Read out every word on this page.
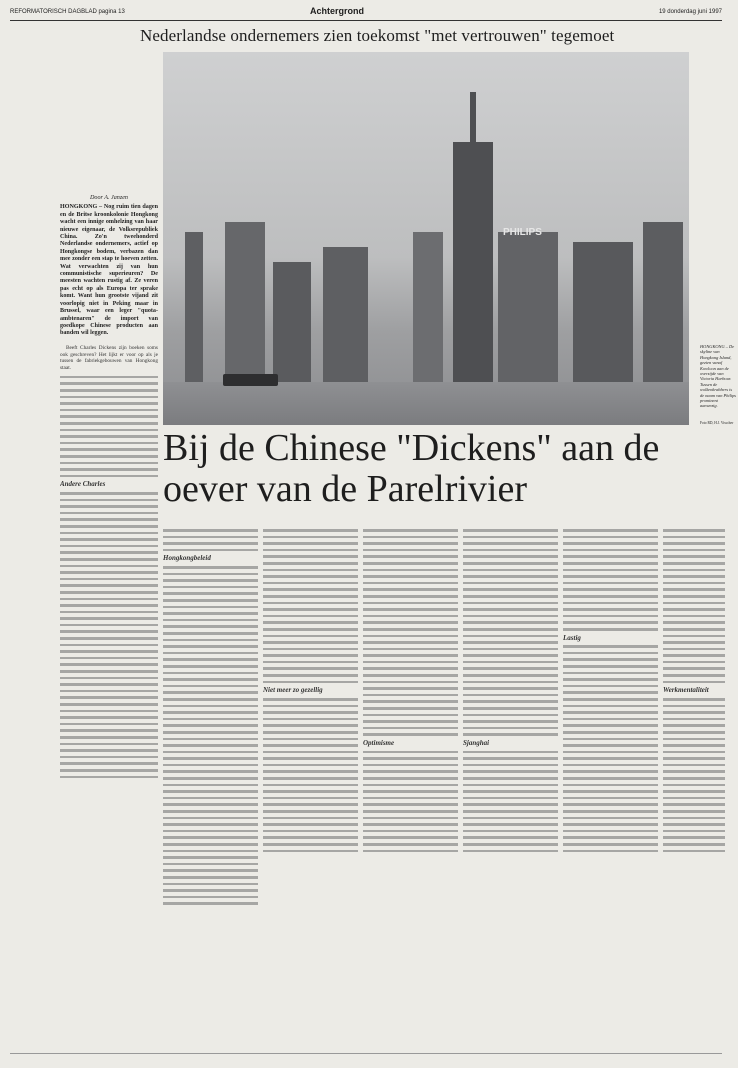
REFORMATORISCH DAGBLAD pagina 13	Achtergrond	19 donderdag juni 1997
Nederlandse ondernemers zien toekomst "met vertrouwen" tegemoet
PHILIPS
HONGKONG – De skyline van Hongkong Island, gezien vanaf Kowloon aan de overzijde van Victoria Harbour. Tussen de wolkenkrabbers is de naam van Philips prominent aanwezig.
Foto RD, H.J. Visscher
Bij de Chinese "Dickens" aan de oever van de Parelrivier
Door A. Janzen
HONGKONG – Nog ruim tien dagen en de Britse kroonkolonie Hongkong wacht een innige omhelzing van haar nieuwe eigenaar, de Volksrepubliek China. Zo'n tweehonderd Nederlandse ondernemers, actief op Hongkongse bodem, verbazen dan mee zonder een stap te hoeven zetten. Wat verwachten zij van hun communistische superieuren? De meesten wachten rustig af. Ze veren pas echt op als Europa ter sprake komt. Want hun grootste vijand zit voorlopig niet in Peking maar in Brussel, waar een leger "quota-ambtenaren" de import van goedkope Chinese producten aan banden wil leggen.

Beeft Charles Dickens zijn boeken soms ook geschreven? Het lijkt er voor op als je tussen de fabriekgebouwen van Hongkong staat.

Andere Charles
Hongkongbeleid
Niet meer zo gezellig
Optimisme	Sjanghai
Lastig
Werkmentaliteit
